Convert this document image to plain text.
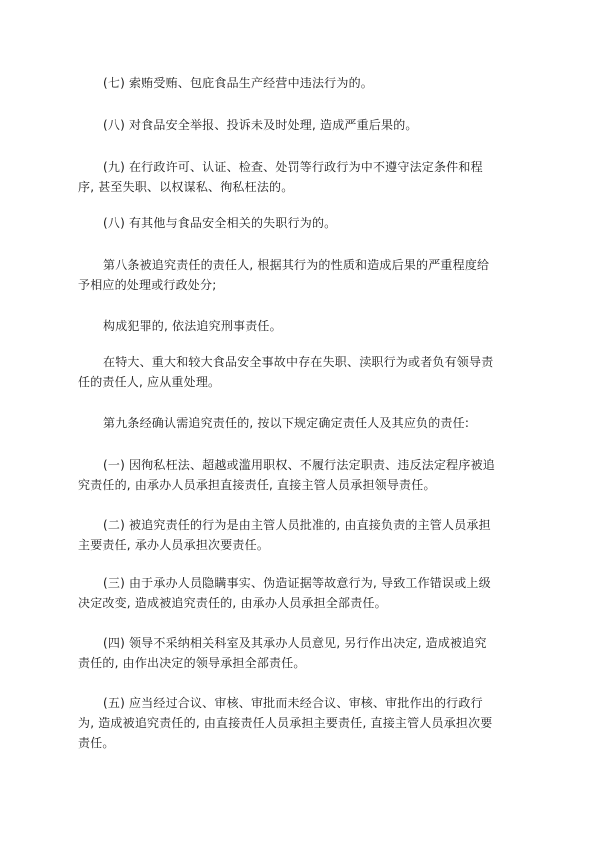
(七) 索贿受贿、包庇食品生产经营中违法行为的。

(八) 对食品安全举报、投诉未及时处理, 造成严重后果的。

(九) 在行政许可、认证、检查、处罚等行政行为中不遵守法定条件和程序, 甚至失职、以权谋私、徇私枉法的。

(八) 有其他与食品安全相关的失职行为的。

第八条被追究责任的责任人, 根据其行为的性质和造成后果的严重程度给予相应的处理或行政处分;

构成犯罪的, 依法追究刑事责任。

在特大、重大和较大食品安全事故中存在失职、渎职行为或者负有领导责任的责任人, 应从重处理。

第九条经确认需追究责任的, 按以下规定确定责任人及其应负的责任:

(一) 因徇私枉法、超越或滥用职权、不履行法定职责、违反法定程序被追究责任的, 由承办人员承担直接责任, 直接主管人员承担领导责任。

(二) 被追究责任的行为是由主管人员批准的, 由直接负责的主管人员承担主要责任, 承办人员承担次要责任。

(三) 由于承办人员隐瞒事实、伪造证据等故意行为, 导致工作错误或上级决定改变, 造成被追究责任的, 由承办人员承担全部责任。

(四) 领导不采纳相关科室及其承办人员意见, 另行作出决定, 造成被追究责任的, 由作出决定的领导承担全部责任。

(五) 应当经过合议、审核、审批而未经合议、审核、审批作出的行政行为, 造成被追究责任的, 由直接责任人员承担主要责任, 直接主管人员承担次要责任。
